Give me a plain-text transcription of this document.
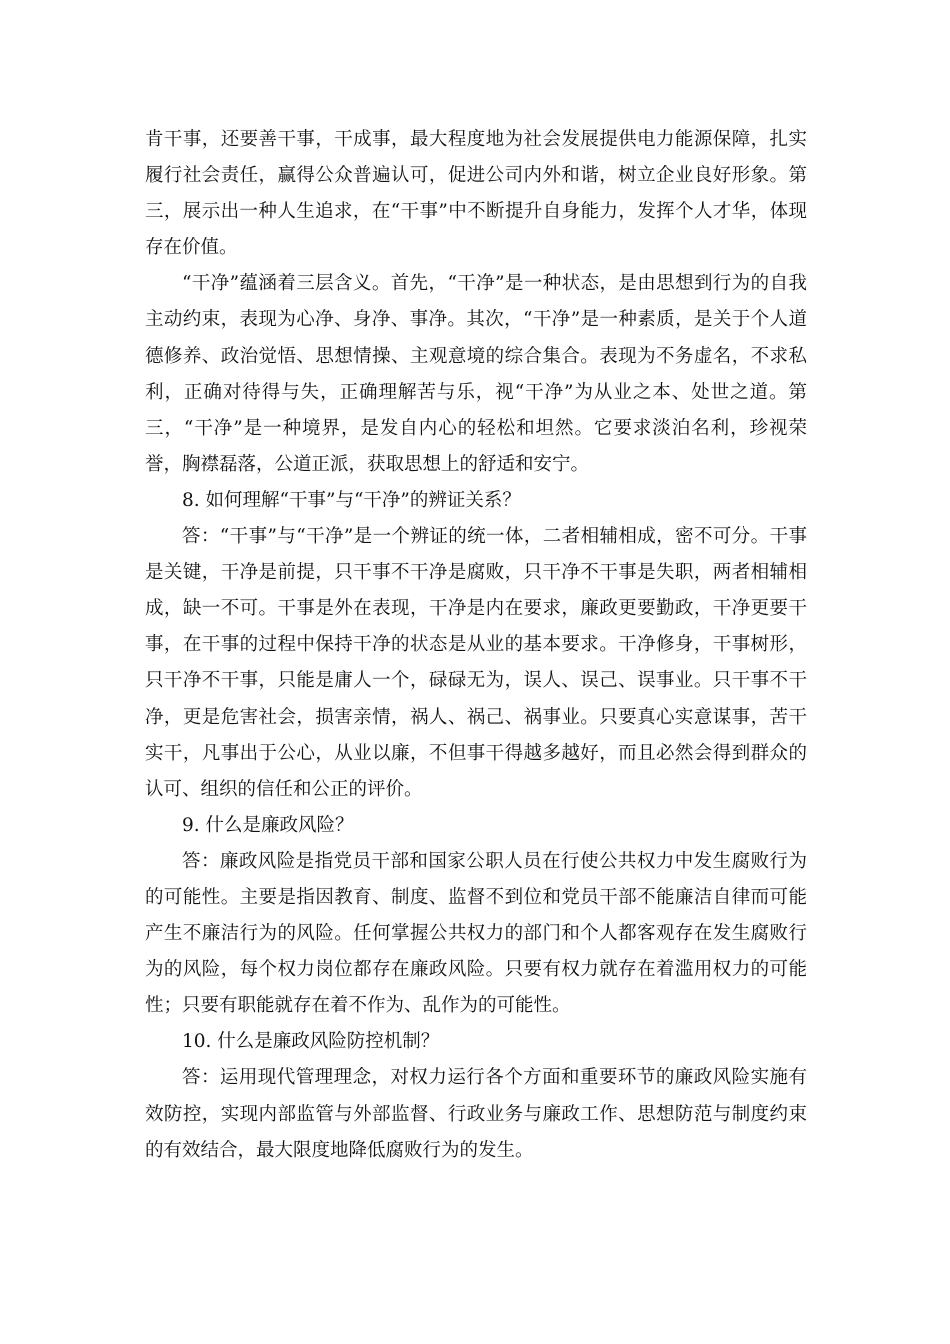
肯干事，还要善干事，干成事，最大程度地为社会发展提供电力能源保障，扎实履行社会责任，赢得公众普遍认可，促进公司内外和谐，树立企业良好形象。第三，展示出一种人生追求，在“干事”中不断提升自身能力，发挥个人才华，体现存在价值。

“干净”蕴涵着三层含义。首先，“干净”是一种状态，是由思想到行为的自我主动约束，表现为心净、身净、事净。其次，“干净”是一种素质，是关于个人道德修养、政治觉悟、思想情操、主观意境的综合集合。表现为不务虚名，不求私利，正确对待得与失，正确理解苦与乐，视“干净”为从业之本、处世之道。第三，“干净”是一种境界，是发自内心的轻松和坦然。它要求淡泊名利，珍视荣誉，胸襟磊落，公道正派，获取思想上的舒适和安宁。

8. 如何理解“干事”与“干净”的辨证关系？

答：“干事”与“干净”是一个辨证的统一体，二者相辅相成，密不可分。干事是关键，干净是前提，只干事不干净是腐败，只干净不干事是失职，两者相辅相成，缺一不可。干事是外在表现，干净是内在要求，廉政更要勤政，干净更要干事，在干事的过程中保持干净的状态是从业的基本要求。干净修身，干事树形，只干净不干事，只能是庸人一个，碌碌无为，误人、误己、误事业。只干事不干净，更是危害社会，损害亲情，祸人、祸己、祸事业。只要真心实意谋事，苦干实干，凡事出于公心，从业以廉，不但事干得越多越好，而且必然会得到群众的认可、组织的信任和公正的评价。

9. 什么是廉政风险？

答：廉政风险是指党员干部和国家公职人员在行使公共权力中发生腐败行为的可能性。主要是指因教育、制度、监督不到位和党员干部不能廉洁自律而可能产生不廉洁行为的风险。任何掌握公共权力的部门和个人都客观存在发生腐败行为的风险，每个权力岗位都存在廉政风险。只要有权力就存在着滥用权力的可能性；只要有职能就存在着不作为、乱作为的可能性。

10. 什么是廉政风险防控机制？

答：运用现代管理理念，对权力运行各个方面和重要环节的廉政风险实施有效防控，实现内部监管与外部监督、行政业务与廉政工作、思想防范与制度约束的有效结合，最大限度地降低腐败行为的发生。
